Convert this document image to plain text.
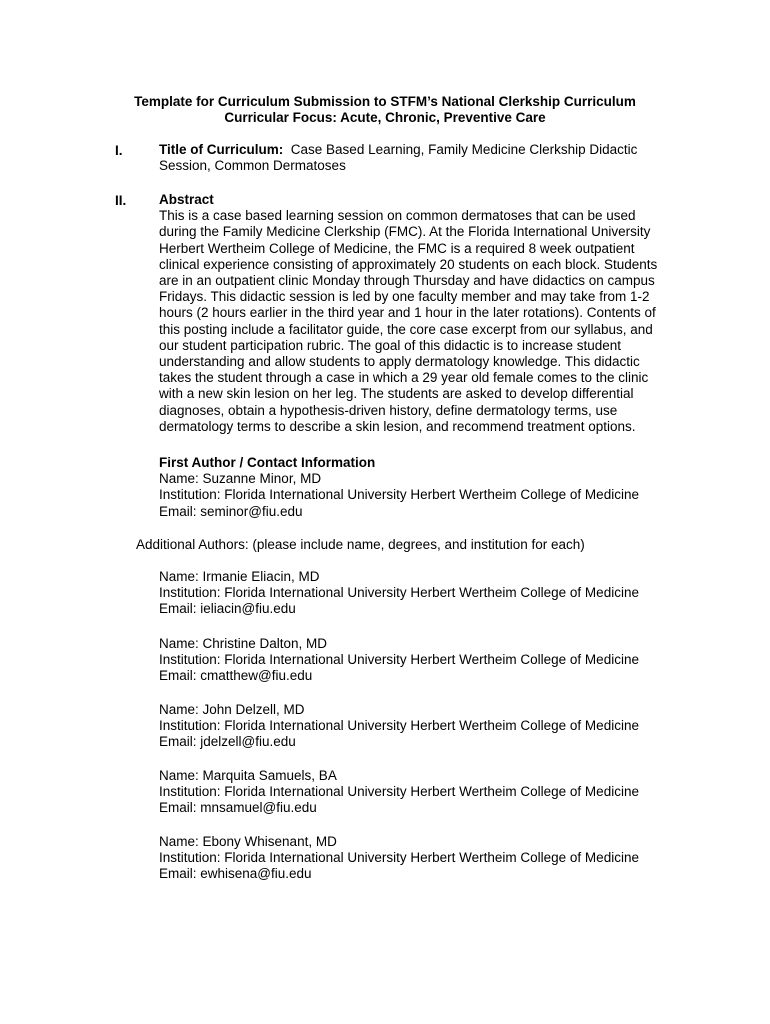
Template for Curriculum Submission to STFM’s National Clerkship Curriculum
Curricular Focus: Acute, Chronic, Preventive Care
I.	Title of Curriculum: Case Based Learning, Family Medicine Clerkship Didactic
Session, Common Dermatoses
II. Abstract
This is a case based learning session on common dermatoses that can be used
during the Family Medicine Clerkship (FMC). At the Florida International University
Herbert Wertheim College of Medicine, the FMC is a required 8 week outpatient
clinical experience consisting of approximately 20 students on each block. Students
are in an outpatient clinic Monday through Thursday and have didactics on campus
Fridays. This didactic session is led by one faculty member and may take from 1-2
hours (2 hours earlier in the third year and 1 hour in the later rotations). Contents of
this posting include a facilitator guide, the core case excerpt from our syllabus, and
our student participation rubric. The goal of this didactic is to increase student
understanding and allow students to apply dermatology knowledge. This didactic
takes the student through a case in which a 29 year old female comes to the clinic
with a new skin lesion on her leg. The students are asked to develop differential
diagnoses, obtain a hypothesis-driven history, define dermatology terms, use
dermatology terms to describe a skin lesion, and recommend treatment options.
First Author / Contact Information
Name: Suzanne Minor, MD
Institution: Florida International University Herbert Wertheim College of Medicine
Email: seminor@fiu.edu
Additional Authors: (please include name, degrees, and institution for each)
Name: Irmanie Eliacin, MD
Institution: Florida International University Herbert Wertheim College of Medicine
Email: ieliacin@fiu.edu
Name: Christine Dalton, MD
Institution: Florida International University Herbert Wertheim College of Medicine
Email: cmatthew@fiu.edu
Name: John Delzell, MD
Institution: Florida International University Herbert Wertheim College of Medicine
Email: jdelzell@fiu.edu
Name: Marquita Samuels, BA
Institution: Florida International University Herbert Wertheim College of Medicine
Email: mnsamuel@fiu.edu
Name: Ebony Whisenant, MD
Institution: Florida International University Herbert Wertheim College of Medicine
Email: ewhisena@fiu.edu
